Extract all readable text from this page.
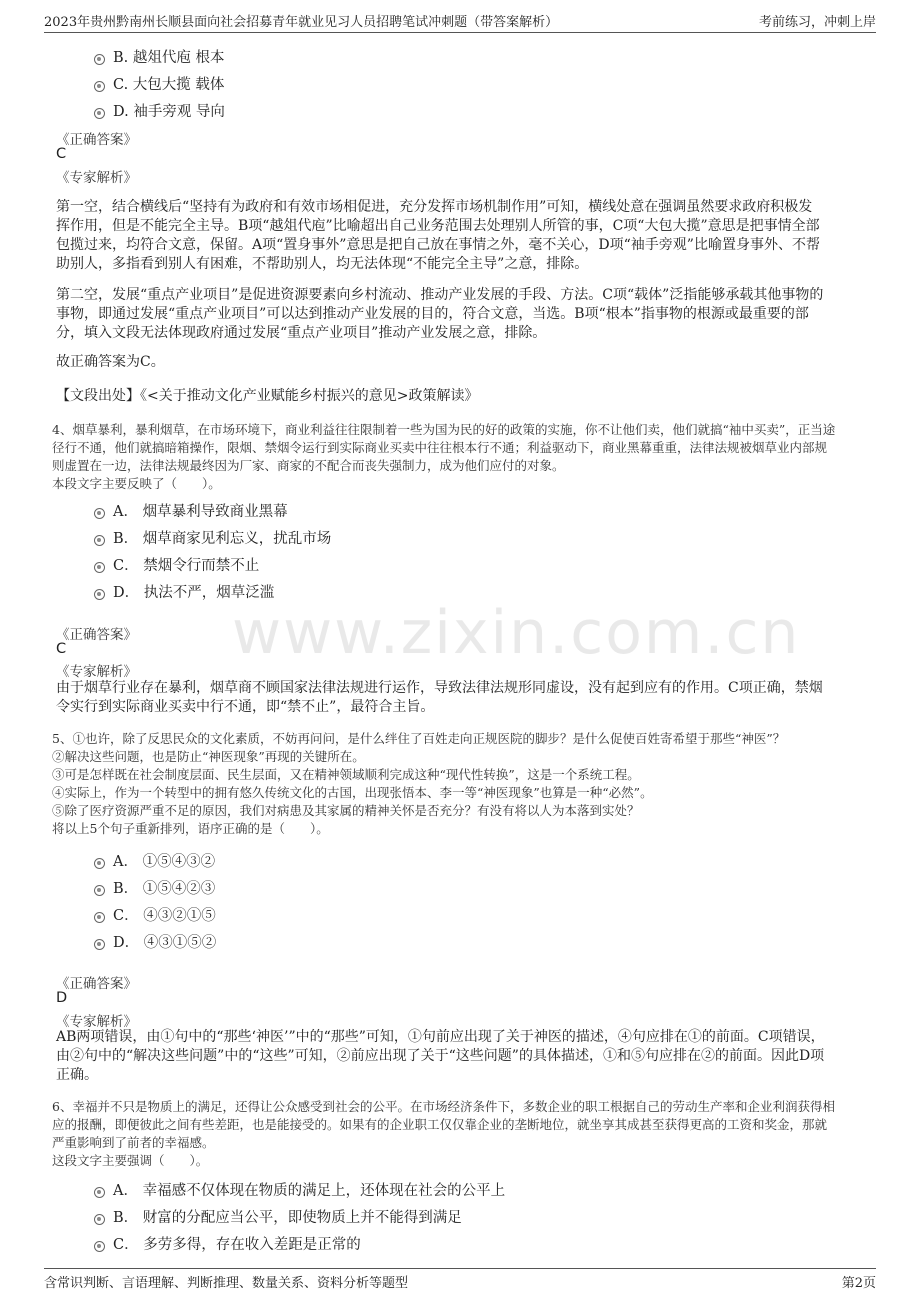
2023年贵州黔南州长顺县面向社会招募青年就业见习人员招聘笔试冲刺题（带答案解析）	考前练习，冲刺上岸
www.zixin.com.cn
B. 越俎代庖 根本
C. 大包大揽 载体
D. 袖手旁观 导向
《正确答案》
C
《专家解析》
第一空，结合横线后“坚持有为政府和有效市场相促进，充分发挥市场机制作用”可知，横线处意在强调虽然要求政府积极发
挥作用，但是不能完全主导。B项“越俎代庖”比喻超出自己业务范围去处理别人所管的事，C项“大包大揽”意思是把事情全部
包揽过来，均符合文意，保留。A项“置身事外”意思是把自己放在事情之外，毫不关心，D项“袖手旁观”比喻置身事外、不帮
助别人，多指看到别人有困难，不帮助别人，均无法体现“不能完全主导”之意，排除。
第二空，发展“重点产业项目”是促进资源要素向乡村流动、推动产业发展的手段、方法。C项“载体”泛指能够承载其他事物的
事物，即通过发展“重点产业项目”可以达到推动产业发展的目的，符合文意，当选。B项“根本”指事物的根源或最重要的部
分，填入文段无法体现政府通过发展“重点产业项目”推动产业发展之意，排除。
故正确答案为C。
【文段出处】《<关于推动文化产业赋能乡村振兴的意见>政策解读》
4、烟草暴利，暴利烟草，在市场环境下，商业利益往往限制着一些为国为民的好的政策的实施，你不让他们卖，他们就搞“袖中买卖”，正当途
径行不通，他们就搞暗箱操作，限烟、禁烟令运行到实际商业买卖中往往根本行不通；利益驱动下，商业黑幕重重，法律法规被烟草业内部规
则虚置在一边，法律法规最终因为厂家、商家的不配合而丧失强制力，成为他们应付的对象。
本段文字主要反映了（　　）。
A． 烟草暴利导致商业黑幕
B． 烟草商家见利忘义，扰乱市场
C． 禁烟令行而禁不止
D． 执法不严，烟草泛滥
《正确答案》
C
《专家解析》
由于烟草行业存在暴利，烟草商不顾国家法律法规进行运作，导致法律法规形同虚设，没有起到应有的作用。C项正确，禁烟
令实行到实际商业买卖中行不通，即“禁不止”，最符合主旨。
5、①也许，除了反思民众的文化素质，不妨再问问，是什么绊住了百姓走向正规医院的脚步？是什么促使百姓寄希望于那些“神医”？
②解决这些问题，也是防止“神医现象”再现的关键所在。
③可是怎样既在社会制度层面、民生层面，又在精神领域顺利完成这种“现代性转换”，这是一个系统工程。
④实际上，作为一个转型中的拥有悠久传统文化的古国，出现张悟本、李一等“神医现象”也算是一种“必然”。
⑤除了医疗资源严重不足的原因，我们对病患及其家属的精神关怀是否充分？有没有将以人为本落到实处？
将以上5个句子重新排列，语序正确的是（　　）。
A． ①⑤④③②
B． ①⑤④②③
C． ④③②①⑤
D． ④③①⑤②
《正确答案》
D
《专家解析》
AB两项错误，由①句中的“那些‘神医’”中的“那些”可知，①句前应出现了关于神医的描述，④句应排在①的前面。C项错误，
由②句中的“解决这些问题”中的“这些”可知，②前应出现了关于“这些问题”的具体描述，①和⑤句应排在②的前面。因此D项
正确。
6、幸福并不只是物质上的满足，还得让公众感受到社会的公平。在市场经济条件下，多数企业的职工根据自己的劳动生产率和企业利润获得相
应的报酬，即便彼此之间有些差距，也是能接受的。如果有的企业职工仅仅靠企业的垄断地位，就坐享其成甚至获得更高的工资和奖金，那就
严重影响到了前者的幸福感。
这段文字主要强调（　　）。
A． 幸福感不仅体现在物质的满足上，还体现在社会的公平上
B． 财富的分配应当公平，即使物质上并不能得到满足
C． 多劳多得，存在收入差距是正常的
含常识判断、言语理解、判断推理、数量关系、资料分析等题型	第2页
